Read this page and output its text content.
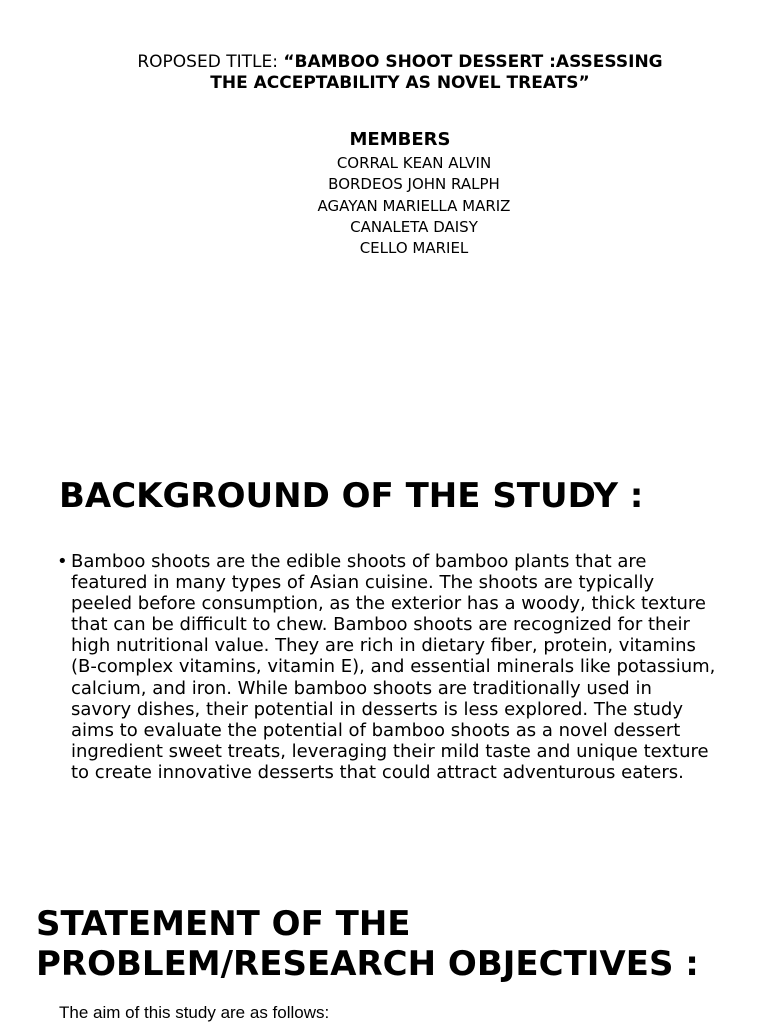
ROPOSED TITLE: “BAMBOO SHOOT DESSERT :ASSESSING
THE ACCEPTABILITY AS NOVEL TREATS”
MEMBERS
CORRAL KEAN ALVIN
BORDEOS JOHN RALPH
AGAYAN MARIELLA MARIZ
CANALETA DAISY
CELLO MARIEL
BACKGROUND OF THE STUDY :
• Bamboo shoots are the edible shoots of bamboo plants that are featured in many types of Asian cuisine. The shoots are typically peeled before consumption, as the exterior has a woody, thick texture that can be difficult to chew. Bamboo shoots are recognized for their high nutritional value. They are rich in dietary fiber, protein, vitamins (B-complex vitamins, vitamin E), and essential minerals like potassium, calcium, and iron. While bamboo shoots are traditionally used in savory dishes, their potential in desserts is less explored. The study aims to evaluate the potential of bamboo shoots as a novel dessert ingredient sweet treats, leveraging their mild taste and unique texture to create innovative desserts that could attract adventurous eaters.
STATEMENT OF THE PROBLEM/RESEARCH OBJECTIVES :
The aim of this study are as follows:
